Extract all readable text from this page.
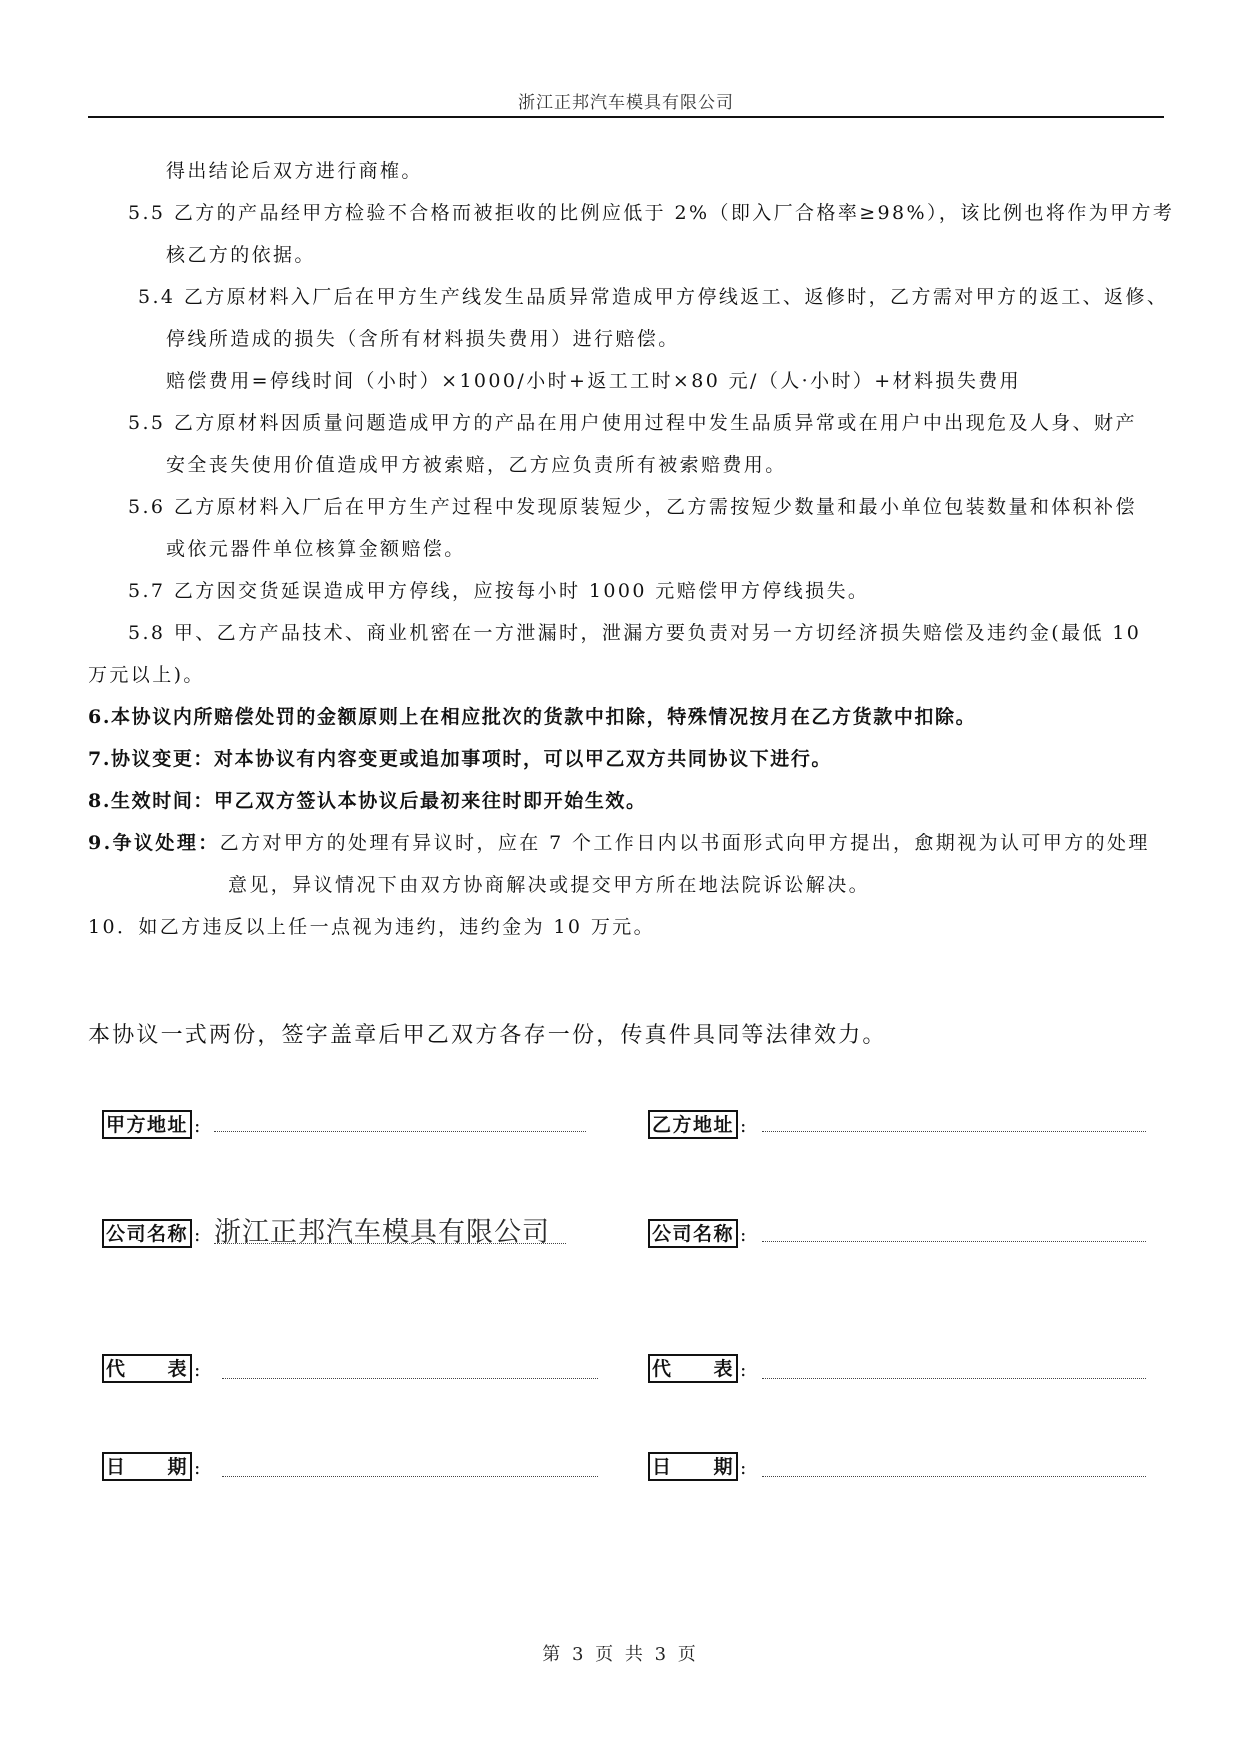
浙江正邦汽车模具有限公司

得出结论后双方进行商榷。

5.5 乙方的产品经甲方检验不合格而被拒收的比例应低于 2%（即入厂合格率≥98%），该比例也将作为甲方考

核乙方的依据。

5.4 乙方原材料入厂后在甲方生产线发生品质异常造成甲方停线返工、返修时，乙方需对甲方的返工、返修、

停线所造成的损失（含所有材料损失费用）进行赔偿。

赔偿费用=停线时间（小时）×1000/小时+返工工时×80 元/（人·小时）+材料损失费用

5.5 乙方原材料因质量问题造成甲方的产品在用户使用过程中发生品质异常或在用户中出现危及人身、财产

安全丧失使用价值造成甲方被索赔，乙方应负责所有被索赔费用。

5.6 乙方原材料入厂后在甲方生产过程中发现原装短少，乙方需按短少数量和最小单位包装数量和体积补偿

或依元器件单位核算金额赔偿。

5.7 乙方因交货延误造成甲方停线，应按每小时 1000 元赔偿甲方停线损失。

5.8 甲、乙方产品技术、商业机密在一方泄漏时，泄漏方要负责对另一方切经济损失赔偿及违约金(最低 10

万元以上)。

6.本协议内所赔偿处罚的金额原则上在相应批次的货款中扣除，特殊情况按月在乙方货款中扣除。

7.协议变更：对本协议有内容变更或追加事项时，可以甲乙双方共同协议下进行。

8.生效时间：甲乙双方签认本协议后最初来往时即开始生效。

9.争议处理：乙方对甲方的处理有异议时，应在 7 个工作日内以书面形式向甲方提出，愈期视为认可甲方的处理

意见，异议情况下由双方协商解决或提交甲方所在地法院诉讼解决。

10．如乙方违反以上任一点视为违约，违约金为 10 万元。

本协议一式两份，签字盖章后甲乙双方各存一份，传真件具同等法律效力。
甲方地址 :	乙方地址 :
公司名称 : 浙江正邦汽车模具有限公司	公司名称 :
代　　表 :	代　　表 :
日　　期 :	日　　期 :
第 3 页 共 3 页
